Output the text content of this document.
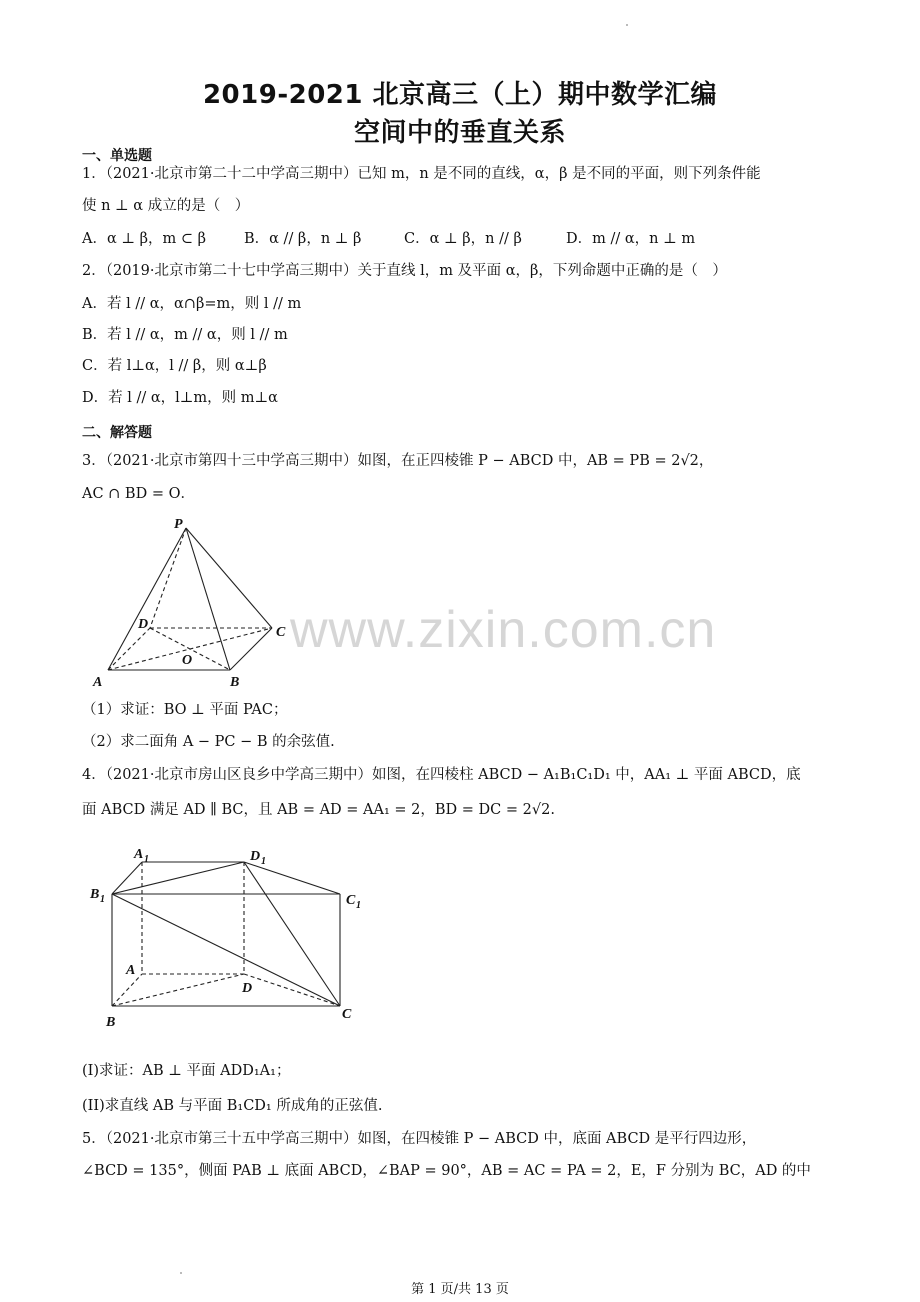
2019-2021 北京高三（上）期中数学汇编
空间中的垂直关系
一、单选题
1．（2021·北京市第二十二中学高三期中）已知 m，n 是不同的直线，α，β 是不同的平面，则下列条件能
使 n ⊥ α 成立的是（　）
A．α ⊥ β，m ⊂ β	B．α // β，n ⊥ β	C．α ⊥ β，n // β	D．m // α，n ⊥ m
2．（2019·北京市第二十七中学高三期中）关于直线 l，m 及平面 α，β，下列命题中正确的是（　）
A．若 l // α，α∩β=m，则 l // m
B．若 l // α，m // α，则 l // m
C．若 l⊥α，l // β，则 α⊥β
D．若 l // α，l⊥m，则 m⊥α
二、解答题
3．（2021·北京市第四十三中学高三期中）如图，在正四棱锥 P − ABCD 中，AB = PB = 2√2，
AC ∩ BD = O．
P
A	B
C
D
O
www.zixin.com.cn
（1）求证：BO ⊥ 平面 PAC；
（2）求二面角 A − PC − B 的余弦值.
4．（2021·北京市房山区良乡中学高三期中）如图，在四棱柱 ABCD − A₁B₁C₁D₁ 中，AA₁ ⊥ 平面 ABCD，底
面 ABCD 满足 AD ∥ BC，且 AB = AD = AA₁ = 2，BD = DC = 2√2.
A 1	D 1
B 1	C 1
A
D
B
C
(I)求证：AB ⊥ 平面 ADD₁A₁；
(II)求直线 AB 与平面 B₁CD₁ 所成角的正弦值.
5．（2021·北京市第三十五中学高三期中）如图，在四棱锥 P − ABCD 中，底面 ABCD 是平行四边形，
∠BCD = 135°，侧面 PAB ⊥ 底面 ABCD，∠BAP = 90°，AB = AC = PA = 2，E，F 分别为 BC，AD 的中
第 1 页/共 13 页
